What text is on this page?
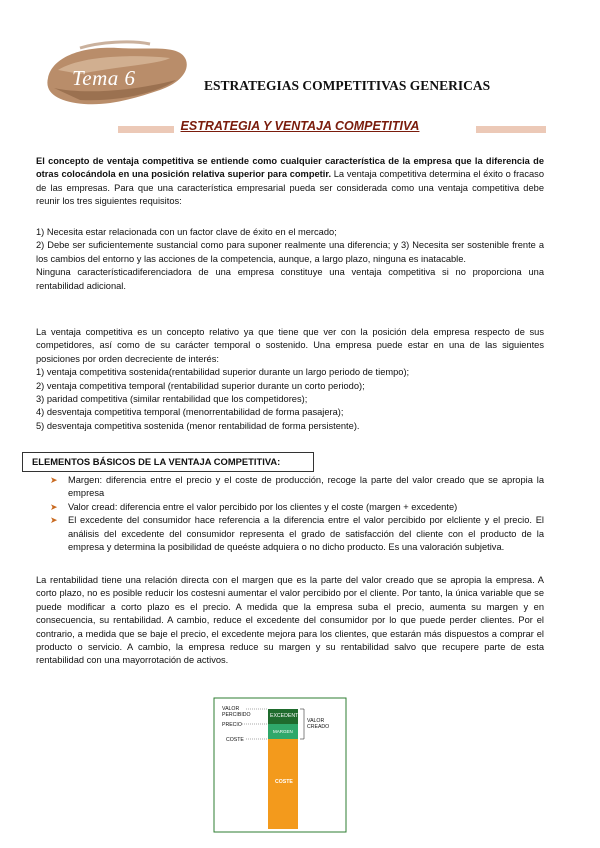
Tema 6	ESTRATEGIAS COMPETITIVAS GENERICAS
ESTRATEGIA Y VENTAJA COMPETITIVA

El concepto de ventaja competitiva se entiende como cualquier característica de la empresa que la diferencia de otras colocándola en una posición relativa superior para competir. La ventaja competitiva determina el éxito o fracaso de las empresas. Para que una característica empresarial pueda ser considerada como una ventaja competitiva debe reunir los tres siguientes requisitos:

1) Necesita estar relacionada con un factor clave de éxito en el mercado;

2) Debe ser suficientemente sustancial como para suponer realmente una diferencia; y 3) Necesita ser sostenible frente a los cambios del entorno y las acciones de la competencia, aunque, a largo plazo, ninguna es inatacable.

Ninguna característicadiferenciadora de una empresa constituye una ventaja competitiva si no proporciona una rentabilidad adicional.

La ventaja competitiva es un concepto relativo ya que tiene que ver con la posición dela empresa respecto de sus competidores, así como de su carácter temporal o sostenido. Una empresa puede estar en una de las siguientes posiciones por orden decreciente de interés:

1) ventaja competitiva sostenida(rentabilidad superior durante un largo periodo de tiempo);

2) ventaja competitiva temporal (rentabilidad superior durante un corto periodo);

3) paridad competitiva (similar rentabilidad que los competidores);

4) desventaja competitiva temporal (menorrentabilidad de forma pasajera);

5) desventaja competitiva sostenida (menor rentabilidad de forma persistente).

ELEMENTOS BÁSICOS DE LA VENTAJA COMPETITIVA:
➤ Margen: diferencia entre el precio y el coste de producción, recoge la parte del valor creado que se apropia la empresa
➤ Valor cread: diferencia entre el valor percibido por los clientes y el coste (margen + excedente)
➤ El excedente del consumidor hace referencia a la diferencia entre el valor percibido por elcliente y el precio. El análisis del excedente del consumidor representa el grado de satisfacción del cliente con el producto de la empresa y determina la posibilidad de queéste adquiera o no dicho producto. Es una valoración subjetiva.

La rentabilidad tiene una relación directa con el margen que es la parte del valor creado que se apropia la empresa. A corto plazo, no es posible reducir los costesni aumentar el valor percibido por el cliente. Por tanto, la única variable que se puede modificar a corto plazo es el precio. A medida que la empresa suba el precio, aumenta su margen y en consecuencia, su rentabilidad. A cambio, reduce el excedente del consumidor por lo que puede perder clientes. Por el contrario, a medida que se baje el precio, el excedente mejora para los clientes, que estarán más dispuestos a comprar el producto o servicio. A cambio, la empresa reduce su margen y su rentabilidad salvo que recupere parte de esta rentabilidad con una mayorrotación de activos.

VALOR
PERCIBIDO
PRECIO
COSTE
EXCEDENTE
MARGEN
COSTE
VALOR
CREADO
